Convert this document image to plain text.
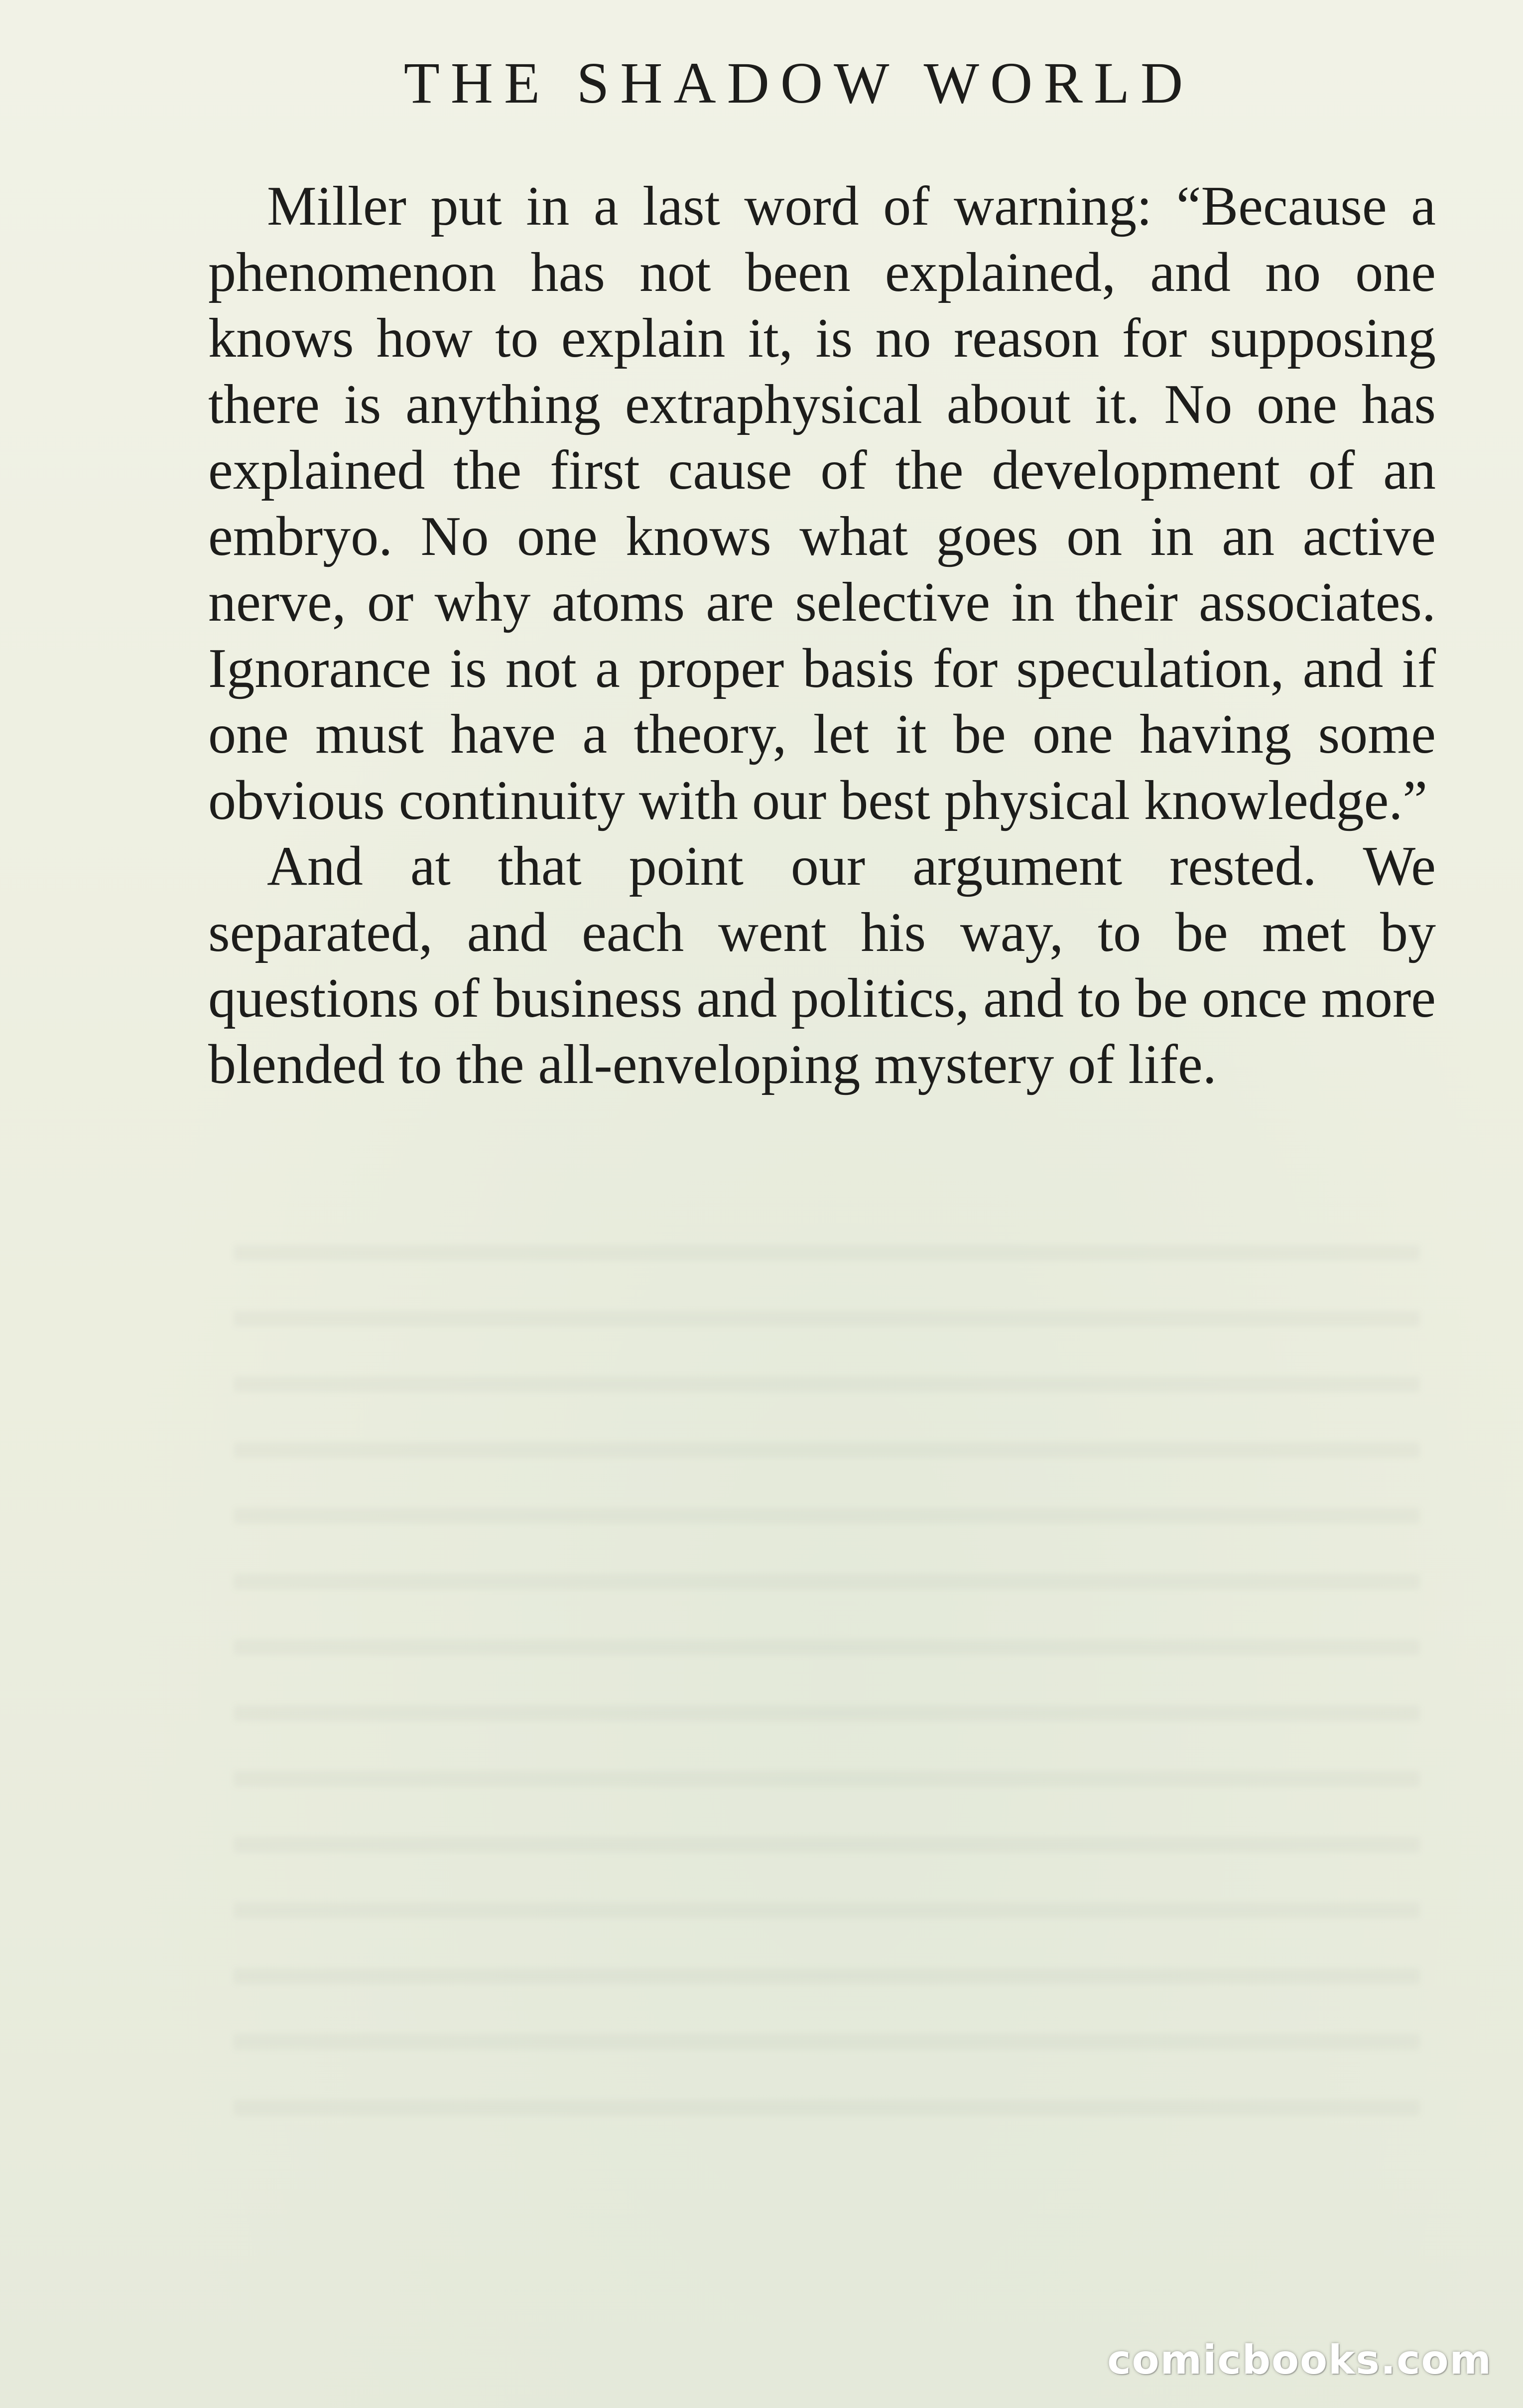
THE SHADOW WORLD

Miller put in a last word of warning: “Because a phenomenon has not been explained, and no one knows how to explain it, is no reason for supposing there is anything extraphysical about it. No one has explained the first cause of the development of an embryo. No one knows what goes on in an active nerve, or why atoms are selective in their associates. Ignorance is not a proper basis for speculation, and if one must have a theory, let it be one having some obvious continuity with our best physical knowledge.”

And at that point our argument rested. We separated, and each went his way, to be met by questions of business and politics, and to be once more blended to the all-enveloping mystery of life.

comicbooks.com
